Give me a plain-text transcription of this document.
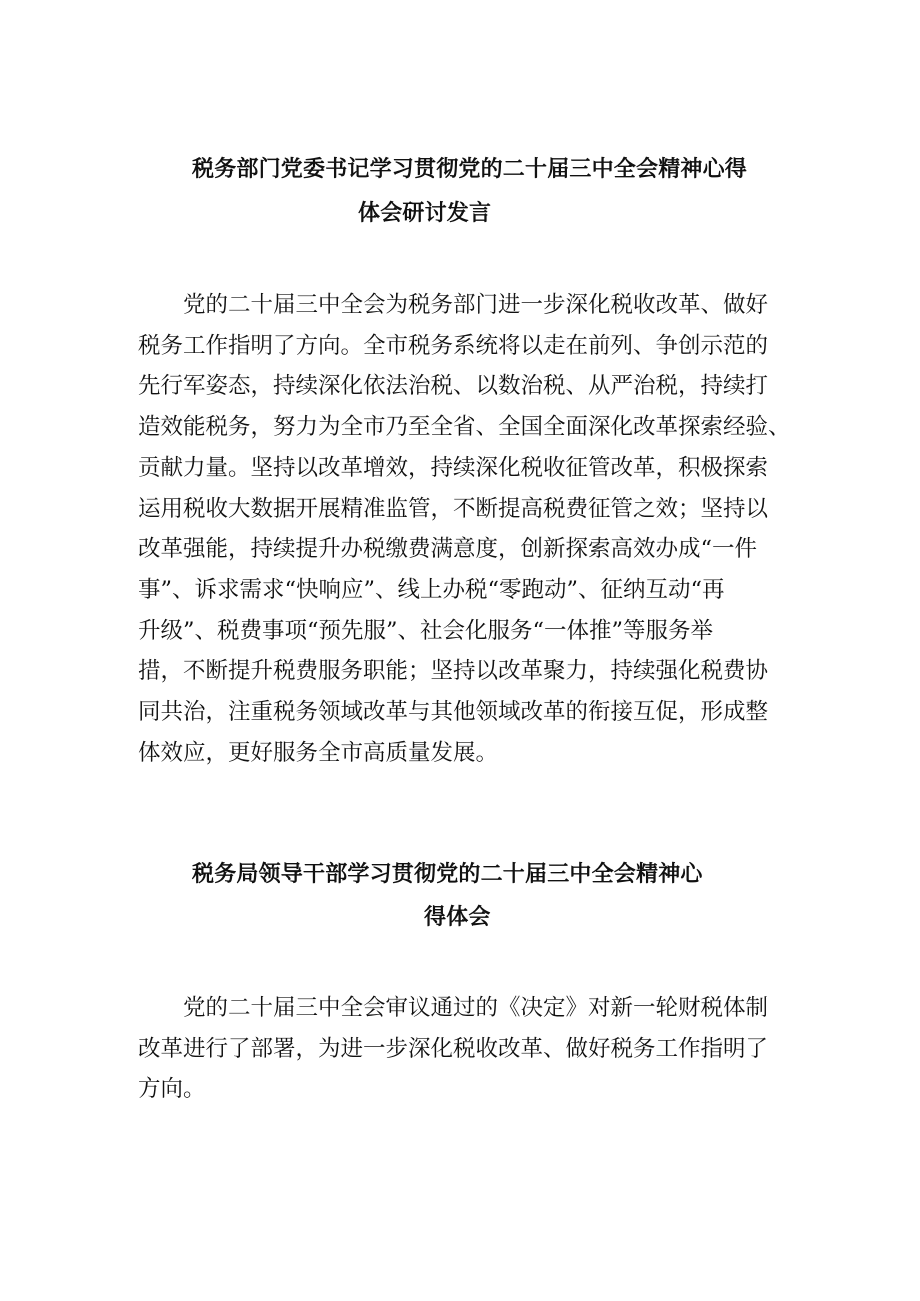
税务部门党委书记学习贯彻党的二十届三中全会精神心得
体会研讨发言
党的二十届三中全会为税务部门进一步深化税收改革、做好
税务工作指明了方向。全市税务系统将以走在前列、争创示范的
先行军姿态，持续深化依法治税、以数治税、从严治税，持续打
造效能税务，努力为全市乃至全省、全国全面深化改革探索经验、
贡献力量。坚持以改革增效，持续深化税收征管改革，积极探索
运用税收大数据开展精准监管，不断提高税费征管之效；坚持以
改革强能，持续提升办税缴费满意度，创新探索高效办成“一件
事”、诉求需求“快响应”、线上办税“零跑动”、征纳互动“再
升级”、税费事项“预先服”、社会化服务“一体推”等服务举
措，不断提升税费服务职能；坚持以改革聚力，持续强化税费协
同共治，注重税务领域改革与其他领域改革的衔接互促，形成整
体效应，更好服务全市高质量发展。
税务局领导干部学习贯彻党的二十届三中全会精神心
得体会
党的二十届三中全会审议通过的《决定》对新一轮财税体制
改革进行了部署，为进一步深化税收改革、做好税务工作指明了
方向。
